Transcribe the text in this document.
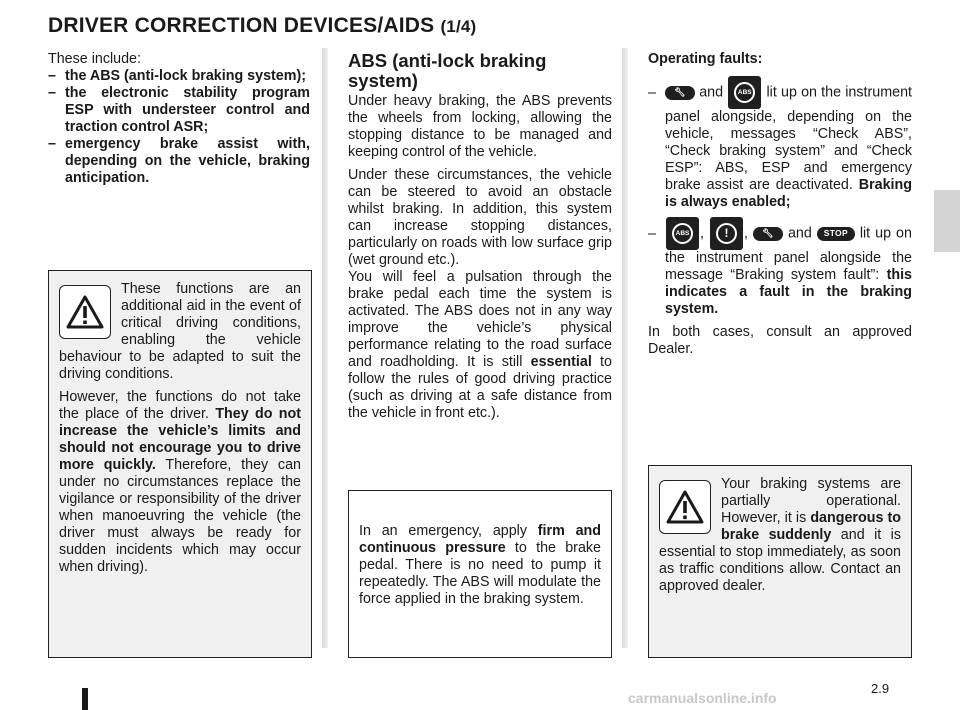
DRIVER CORRECTION DEVICES/AIDS (1/4)

These include:

– the ABS (anti-lock braking system);
– the electronic stability program ESP with understeer control and traction control ASR;
– emergency brake assist with, depending on the vehicle, braking anticipation.

These functions are an additional aid in the event of critical driving conditions, enabling the vehicle behaviour to be adapted to suit the driving conditions.

However, the functions do not take the place of the driver. They do not increase the vehicle’s limits and should not encourage you to drive more quickly. Therefore, they can under no circumstances replace the vigilance or responsibility of the driver when manoeuvring the vehicle (the driver must always be ready for sudden incidents which may occur when driving).

ABS (anti-lock braking system)

Under heavy braking, the ABS prevents the wheels from locking, allowing the stopping distance to be managed and keeping control of the vehicle.

Under these circumstances, the vehicle can be steered to avoid an obstacle whilst braking. In addition, this system can increase stopping distances, particularly on roads with low surface grip (wet ground etc.).

You will feel a pulsation through the brake pedal each time the system is activated. The ABS does not in any way improve the vehicle’s physical performance relating to the road surface and roadholding. It is still essential to follow the rules of good driving practice (such as driving at a safe distance from the vehicle in front etc.).

In an emergency, apply firm and continuous pressure to the brake pedal. There is no need to pump it repeatedly. The ABS will modulate the force applied in the braking system.

Operating faults:

– 🔧︎ and	ABS lit up on the instrument panel alongside, depending on the vehicle, messages “Check ABS”, “Check braking system” and “Check ESP”: ABS, ESP and emergency brake assist are deactivated. Braking is always enabled;

–	ABS ,	!	, 🔧︎ and STOP lit up on the instrument panel alongside the message “Braking system fault”: this indicates a fault in the braking system.

In both cases, consult an approved Dealer.

Your braking systems are partially operational. However, it is dangerous to brake suddenly and it is essential to stop immediately, as soon as traffic conditions allow. Contact an approved dealer.

2.9
carmanualsonline.info
